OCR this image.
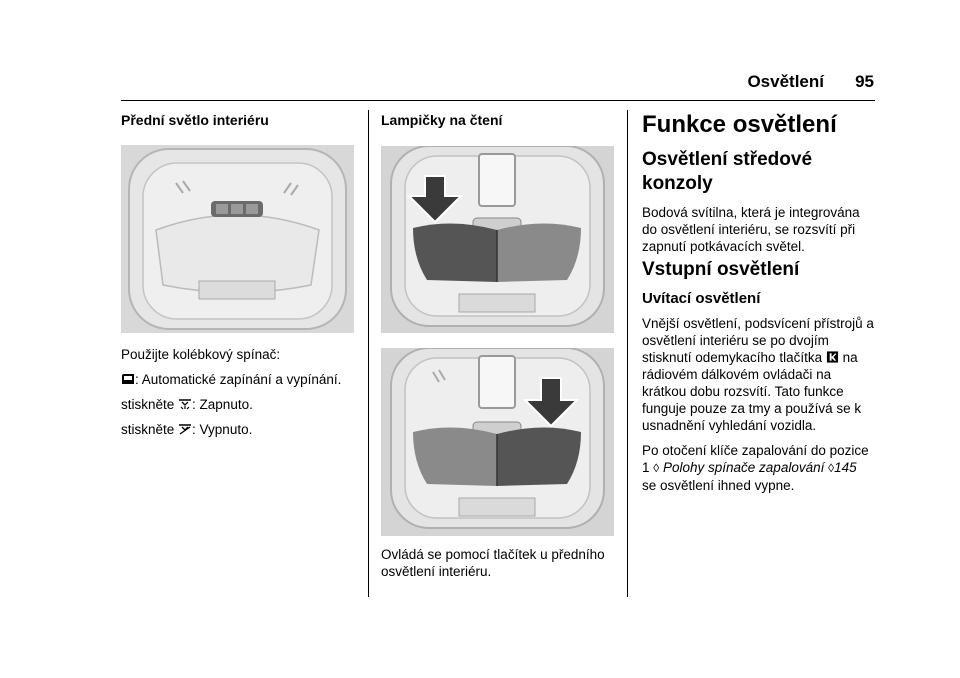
Osvětlení 95
Přední světlo interiéru

Použijte kolébkový spínač:

: Automatické zapínání a vypínání.

stiskněte : Zapnuto.

stiskněte : Vypnuto.

Lampičky na čtení
Ovládá se pomocí tlačítek u předního osvětlení interiéru.
Funkce osvětlení
Osvětlení středové konzoly
Bodová svítilna, která je integrována do osvětlení interiéru, se rozsvítí při zapnutí potkávacích světel.
Vstupní osvětlení
Uvítací osvětlení

Vnější osvětlení, podsvícení přístrojů a osvětlení interiéru se po dvojím stisknutí odemykacího tlačítka na rádiovém dálkovém ovládači na krátkou dobu rozsvítí. Tato funkce funguje pouze za tmy a používá se k usnadnění vyhledání vozidla.

Po otočení klíče zapalování do pozice 1 ◊ Polohy spínače zapalování ◊145 se osvětlení ihned vypne.
